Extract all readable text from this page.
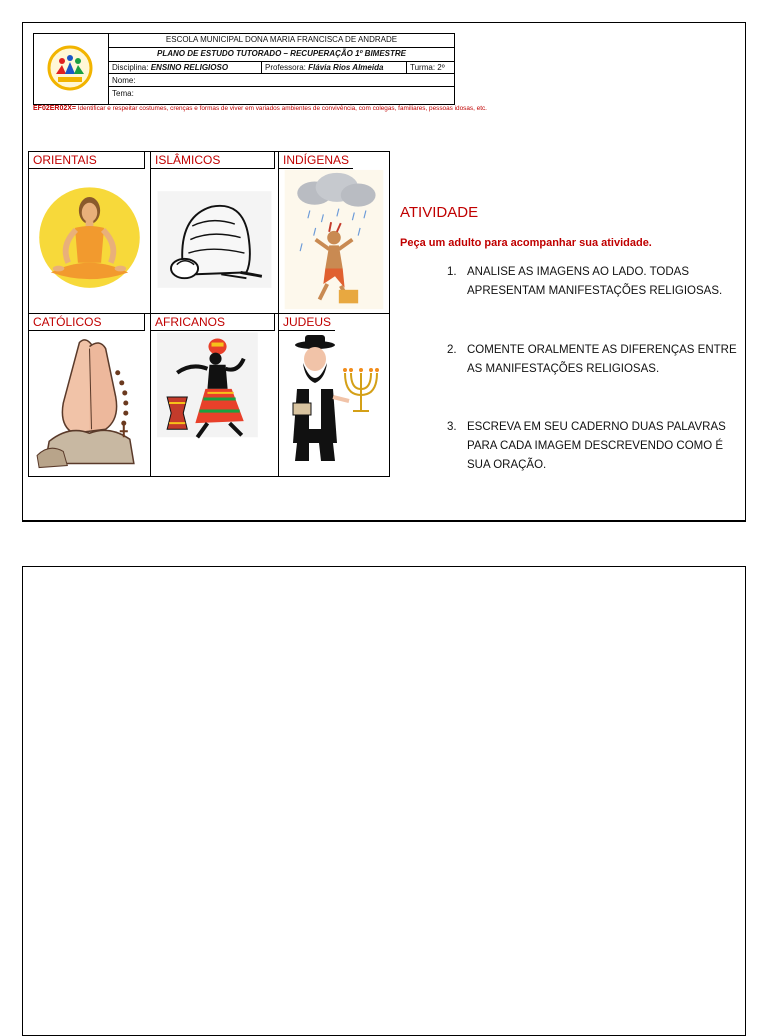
ESCOLA MUNICIPAL DONA MARIA FRANCISCA DE ANDRADE
PLANO DE ESTUDO TUTORADO – RECUPERAÇÃO 1º BIMESTRE
Disciplina: ENSINO RELIGIOSO	Professora: Flávia Rios Almeida	Turma: 2º
Nome:
Tema:
EF02ER02X= Identificar e respeitar costumes, crenças e formas de viver em variados ambientes de convivência, com colegas, familiares, pessoas idosas, etc.
ORIENTAIS	ISLÂMICOS	INDÍGENAS
CATÓLICOS	AFRICANOS	JUDEUS
ATIVIDADE
Peça um adulto para acompanhar sua atividade.
1. ANALISE AS IMAGENS AO LADO. TODAS APRESENTAM MANIFESTAÇÕES RELIGIOSAS.
2. COMENTE ORALMENTE AS DIFERENÇAS ENTRE AS MANIFESTAÇÕES RELIGIOSAS.
3. ESCREVA EM SEU CADERNO DUAS PALAVRAS PARA CADA IMAGEM DESCREVENDO COMO É SUA ORAÇÃO.
